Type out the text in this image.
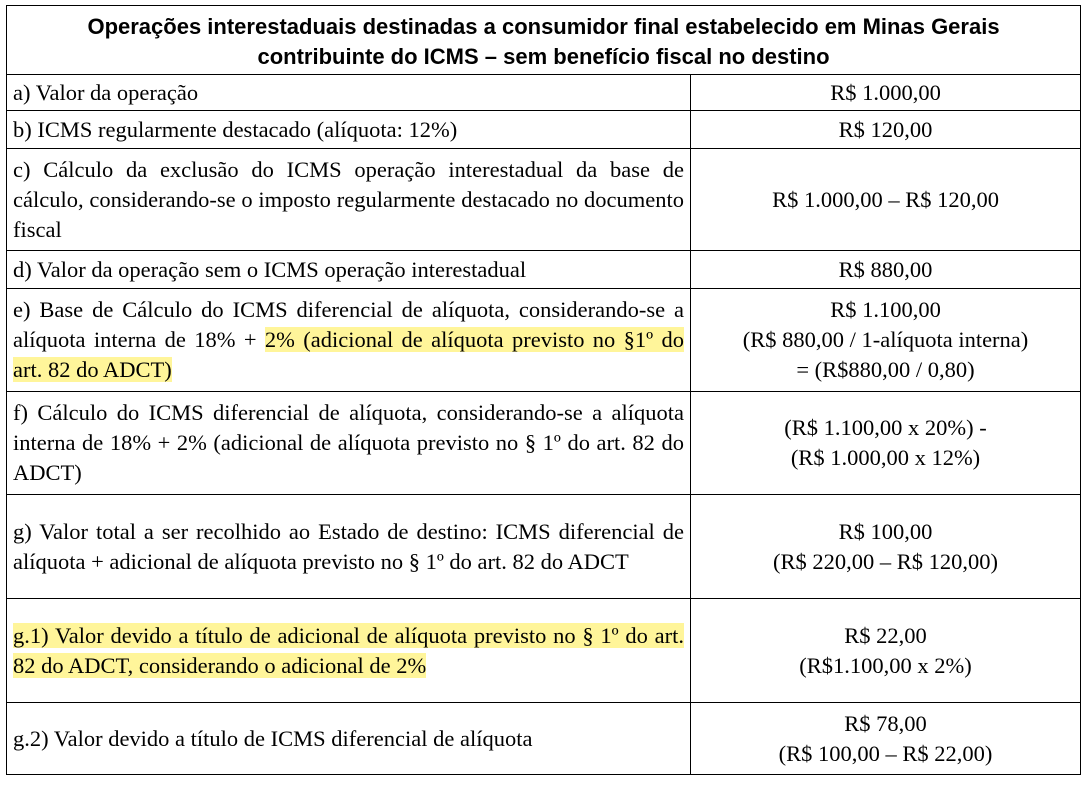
Operações interestaduais destinadas a consumidor final estabelecido em Minas Gerais
contribuinte do ICMS – sem benefício fiscal no destino	

a) Valor da operação	R$ 1.000,00
b) ICMS regularmente destacado (alíquota: 12%)	R$ 120,00
c) Cálculo da exclusão do ICMS operação interestadual da base de cálculo, considerando-se o imposto regularmente destacado no documento fiscal	R$ 1.000,00 – R$ 120,00
d) Valor da operação sem o ICMS operação interestadual	R$ 880,00
e) Base de Cálculo do ICMS diferencial de alíquota, considerando-se a alíquota interna de 18% + 2% (adicional de alíquota previsto no §1º do art. 82 do ADCT)	R$ 1.100,00
(R$ 880,00 / 1-alíquota interna)
= (R$880,00 / 0,80)

f) Cálculo do ICMS diferencial de alíquota, considerando-se a alíquota interna de 18% + 2% (adicional de alíquota previsto no § 1º do art. 82 do ADCT)	(R$ 1.100,00 x 20%) -
(R$ 1.000,00 x 12%)

g) Valor total a ser recolhido ao Estado de destino: ICMS diferencial de alíquota + adicional de alíquota previsto no § 1º do art. 82 do ADCT	R$ 100,00
(R$ 220,00 – R$ 120,00)

g.1) Valor devido a título de adicional de alíquota previsto no § 1º do art. 82 do ADCT, considerando o adicional de 2%	R$ 22,00
(R$1.100,00 x 2%)

g.2) Valor devido a título de ICMS diferencial de alíquota	R$ 78,00
(R$ 100,00 – R$ 22,00)
